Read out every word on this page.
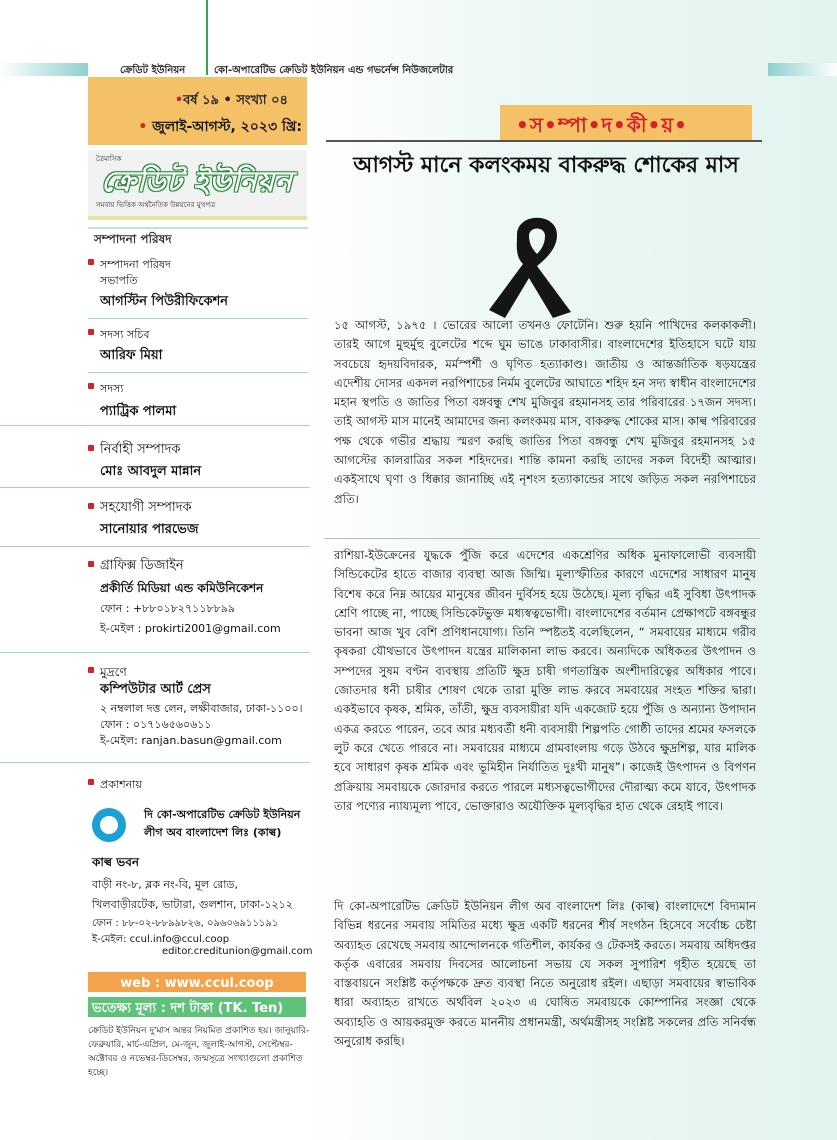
ক্রেডিট ইউনিয়ন	কো-অপারেটিভ ক্রেডিট ইউনিয়ন এন্ড গভর্নেন্স নিউজলেটার
•বর্ষ ১৯ • সংখ্যা ০৪
• জুলাই-আগস্ট, ২০২৩ খ্রি:
ত্রৈমাসিক
ক্রেডিট ইউনিয়ন
সমবায় ভিত্তিক অর্থনৈতিক উন্নয়নের মুখপত্র
সম্পাদনা পরিষদ
সম্পাদনা পরিষদ
সভাপতি
আগস্টিন পিউরীফিকেশন
সদস্য সচিব
আরিফ মিয়া
সদস্য
প্যাট্রিক পালমা
নির্বাহী সম্পাদক
মোঃ আবদুল মান্নান
সহযোগী সম্পাদক
সানোয়ার পারভেজ
গ্রাফিক্স ডিজাইন
প্রকীর্তি মিডিয়া এন্ড কমিউনিকেশন
ফোন : +৮৮০১৮২৭১১৮৮৯৯
ই-মেইল : prokirti2001@gmail.com
মুদ্রণে
কম্পিউটার আর্ট প্রেস
২ নম্বলাল দত্ত লেন, লক্ষীবাজার, ঢাকা-১১০০।
ফোন : ০১৭১৬৫৬০৬১১
ই-মেইল: ranjan.basun@gmail.com
প্রকাশনায়
দি কো-অপারেটিভ ক্রেডিট ইউনিয়ন
লীগ অব বাংলাদেশ লিঃ (কাল্ব)
কাল্ব ভবন
বাড়ী নং-৮, ব্লক নং-বি, মূল রোড,
খিলবাড়ীরটেক, ভাটারা, গুলশান, ঢাকা-১২১২
ফোন : ৮৮-০২-৮৮৯৯৮২৬, ০৯৬০৬৯১১১৯১
ই-মেইল: ccul.info@ccul.coop
editor.creditunion@gmail.com
web : www.ccul.coop
ভতেক্ষ্য মূল্য : দশ টাকা (TK. Ten)
ক্রেডিট ইউনিয়ন দু'মাস অন্তর নিয়মিত প্রকাশিত হয়। জানুয়ারি-ফেব্রুয়ারি, মার্চ-এপ্রিল, মে-জুন, জুলাই-আগস্ট, সেপ্টেম্বর-অক্টোবর ও নভেম্বর-ডিসেম্বর, জন্মসূত্রে সংখ্যাগুলো প্রকাশিত হচ্ছে।
•স•ম্পা•দ•কী•য়•
আগস্ট মানে কলংকময় বাকরুদ্ধ শোকের মাস
১৫ আগস্ট, ১৯৭৫ । ভোরের আলো তখনও ফোটেনি। শুরু হয়নি পাখিদের কলকাকলী। তারই আগে মুহুর্মুহু বুলেটের শব্দে ঘুম ভাঙে ঢাকাবাসীর। বাংলাদেশের ইতিহাসে ঘটে যায় সবচেয়ে হৃদয়বিদারক, মর্মস্পর্শী ও ঘৃণিত হত্যাকাণ্ড। জাতীয় ও আন্তর্জাতিক ষড়যন্ত্রের এদেশীয় দোসর একদল নরপিশাচের নির্মম বুলেটের আঘাতে শহিদ হন সদ্য স্বাধীন বাংলাদেশের মহান স্থপতি ও জাতির পিতা বঙ্গবন্ধু শেখ মুজিবুর রহমানসহ তার পরিবারের ১৭জন সদস্য। তাই আগস্ট মাস মানেই আমাদের জন্য কলংকময় মাস, বাকরুদ্ধ শোকের মাস। কাল্ব পরিবারের পক্ষ থেকে গভীর শ্রদ্ধায় স্মরণ করছি জাতির পিতা বঙ্গবন্ধু শেখ মুজিবুর রহমানসহ ১৫ আগস্টের কালরাত্রির সকল শহিদদের। শান্তি কামনা করছি তাদের সকল বিদেহী আত্মার। একইসাথে ঘৃণা ও ধিক্কার জানাচ্ছি এই নৃশংস হত্যাকান্ডের সাথে জড়িত সকল নরপিশাচের প্রতি।
রাশিয়া-ইউক্রেনের যুদ্ধকে পুঁজি করে এদেশের একশ্রেণির অধিক মুনাফালোভী ব্যবসায়ী সিন্ডিকেটের হাতে বাজার ব্যবস্থা আজ জিম্মি। মূল্যস্ফীতির কারণে এদেশের সাধারণ মানুষ বিশেষ করে নিম্ন আয়ের মানুষের জীবন দুর্বিসহ হয়ে উঠেছে। মূল্য বৃদ্ধির এই সুবিধা উৎপাদক শ্রেণি পাচ্ছে না, পাচ্ছে সিন্ডিকেটভুক্ত মধ্যস্বত্বভোগী। বাংলাদেশের বর্তমান প্রেক্ষাপটে বঙ্গবন্ধুর ভাবনা আজ খুব বেশি প্রণিধানযোগ্য। তিনি স্পষ্টতই বলেছিলেন, “ সমবায়ের মাধ্যমে গরীব কৃষকরা যৌথভাবে উৎপাদন যন্ত্রের মালিকানা লাভ করবে। অন্যদিকে অধিকতর উৎপাদন ও সম্পদের সুষম বণ্টন ব্যবস্থায় প্রতিটি ক্ষুদ্র চাষী গণতান্ত্রিক অংশীদারিত্বের অধিকার পাবে। জোতদার ধনী চাষীর শোষণ থেকে তারা মুক্তি লাভ করবে সমবায়ের সংহত শক্তির দ্বারা। একইভাবে কৃষক, শ্রমিক, তাঁতী, ক্ষুদ্র ব্যবসায়ীরা যদি একজোট হয়ে পুঁজি ও অন্যান্য উপাদান একত্র করতে পারেন, তবে আর মধ্যবর্তী ধনী ব্যবসায়ী শিল্পপতি গোষ্ঠী তাদের শ্রমের ফসলকে লুট করে খেতে পারবে না। সমবায়ের মাধ্যমে গ্রামবাংলায় গড়ে উঠবে ক্ষুদ্রশিল্প, যার মালিক হবে সাধারণ কৃষক শ্রমিক এবং ভূমিহীন নির্যাতিত দুঃখী মানুষ”। কাজেই উৎপাদন ও বিপণন প্রক্রিয়ায় সমবায়কে জোরদার করতে পারলে মধ্যসত্বভোগীদের দৌরাত্ম্য কমে যাবে, উৎপাদক তার পণ্যের ন্যায্যমূল্য পাবে, ভোক্তারাও অযৌক্তিক মূল্যবৃদ্ধির হাত থেকে রেহাই পাবে।
দি কো-অপারেটিভ ক্রেডিট ইউনিয়ন লীগ অব বাংলাদেশ লিঃ (কাল্ব) বাংলাদেশে বিদ্যমান বিভিন্ন ধরনের সমবায় সমিতির মধ্যে ক্ষুদ্র একটি ধরনের শীর্ষ সংগঠন হিসেবে সর্বোচ্চ চেষ্টা অব্যাহত রেখেছে সমবায় আন্দোলনকে গতিশীল, কার্যকর ও টেকসই করতে। সমবায় অধিদপ্তর কর্তৃক এবারের সমবায় দিবসের আলোচনা সভায় যে সকল সুপারিশ গৃহীত হয়েছে তা বাস্তবায়নে সংশ্লিষ্ট কর্তৃপক্ষকে দ্রুত ব্যবস্থা নিতে অনুরোধ রইল। এছাড়া সমবায়ের স্বাভাবিক ধারা অব্যাহত রাখতে অর্থবিল ২০২৩ এ ঘোষিত সমবায়কে কোম্পানির সংজ্ঞা থেকে অব্যাহতি ও আয়করমুক্ত করতে মাননীয় প্রধানমন্ত্রী, অর্থমন্ত্রীসহ সংশ্লিষ্ট সকলের প্রতি সনির্বন্ধ অনুরোধ করছি।
